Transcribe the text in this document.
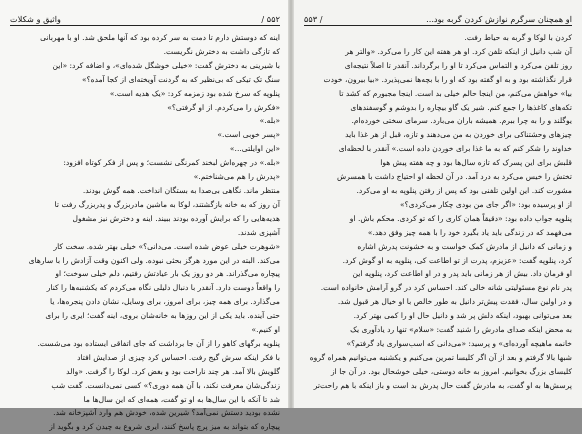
۵۵۲ /
واثیق و شکلات

اینه که دوستش دارم تا دمت به سر کرده بود که آنها ملحق شد. او با مهربانی

که تازگی داشت به دخترش نگریست.

با شیرینی به دخترش گفت: «خیلی خوشگل شده‌ای»، و اضافه کرد: «این

سنگ تک تیکی که بی‌نظیر که به گردنت آویخته‌ای از کجا آمده؟»

پنلوپه که سرخ شده بود زمزمه کرد: «یک هدیه است.»

«فکرش را می‌کردم. از او گرفتی؟»

«بله.»

«پسر خوبی است.»

«این اوایلتی...»

«بله.» در چهره‌اش لبخند کمرنگی نشست؛ و پس از فکر کوتاه افزود:

«پدرش را هم می‌شناختم.»

منتظر ماند. نگاهی بی‌صدا به بستگان انداخت. همه گوش بودند.

آن روز که به خانه بازگشتند، لوکا به ماشین مادربزرگ و پدربزرگ رفت تا

هدیه‌هایی را که برایش آورده بودند ببیند. اینه و دخترش نیز مشغول

آشپزی شدند.

«شوهرت خیلی عوض شده است. می‌دانی؟» خیلی بهتر شده. سخت کار

می‌کند. البته در این مورد هرگز بحثی نبوده. ولی اکنون وقت آزادش را با سارهای

پیچاره می‌گذراند. هر دو روز یک بار عیادتش رفتیم، دلم خیلی سوخت؛ او

را واقعاً دوست دارد. آنقدر با دنبال دلیلی نگاه می‌کردم که یکشنبه‌ها را کنار

می‌گذارد. برای همه چیز، برای امروز، برای وسایل، نشان دادن پنجره‌ها، یا

حتی آینده. باید یکی از این روزها به خانه‌شان بروی، اینه گفت؛ ایری را برای

او کنیم.»

پنلوپه برگهای کاهو را از آن جا برداشت که جای اتفاقی ایستاده بود می‌شست.

با فکر اینکه سرش گیج رفت. احساس کرد چیزی از صدایش افتاد

گلویش بالا آمد. هر چند ناراحت بود و بغض کرد. لوکا را گرفت. «والد

زندگی‌شان معرفت نکند، با آن همه دوری؟» کسی نمی‌دانست. گفت شب

شد تا آنکه با این سال‌ها به او تو گفت، همه‌ای که این سال‌ها ما

نشده بودید دستش نمی‌آمد؟ شیرین شده، خودش هم وارد آشپزخانه شد.

پیچاره که بتواند به میز پرچ پاسخ کنند، ایری شروع به چیدن کرد و بگوید از

او همچنان سرگرم نوازش کردن گربه بود...
/ ۵۵۳

کردن با لوکا و گربه به حیاط رفت.

آن شب دانیل از اینکه تلفن کرد. او هر هفته این کار را می‌کرد. «والتر هر

روز تلفن می‌کرد و التماس می‌کرد تا او را برگرداند. آنقدر تا اصلاً نتیجه‌ای

قرار نگذاشته بود و به او گفته بود که او را با بچه‌ها نمی‌پذیرد. «بیا بیرون، خودت

بیا» خواهش می‌کنم، من اینجا حالم خیلی بد است. اینجا مجبورم که کشد تا

تکه‌های کاغذها را جمع کنم. شیر یک گاو بیچاره را بدوشم و گوسفندهای

یوگلند و را به چرا ببرم. همیشه باران می‌بارد. سرمای سختی خورده‌ام.

چیزهای وحشتناکی برای خوردن به من می‌دهند و تازه، قبل از هر غذا باید

خداوند را شکر کنم که به ما غذا برای خوردن داده است.» آنقدر با لحظه‌ای

قلبش برای این پسرک که تازه سال‌ها بود و چه هفته پیش هوا

تختش را خیس می‌کرد به درد آمد. در آن لحظه او احتیاج داشت با همسرش

مشورت کند. این اولین تلفنی بود که پس از رفتن پنلوپه به او می‌کرد.

از او پرسیده بود: «اگر جای من بودی چکار می‌کردی؟»

پنلوپه جواب داده بود: «دقیقاً همان کاری را که تو کردی. محکم باش. او

می‌فهمد که در زندگی باید یاد بگیرد خود را با همه چیز وفق دهد.»

و زمانی که دانیل از مادرش کمک خواست و به خشونت پدرش اشاره

کرد، پنلوپه گفت: «عزیزم، پدرت از تو اطاعت کی، پنلوپه به او گوش کرد.

او فرمان داد. بیش از هر زمانی باید پدر و در او اطاعت کرد، پنلوپه این

پدر نام نوع مسئولیتی شانه خالی کند. احساس کرد در گرو آرامش خانواده است.

و در اولین سال، فقدت پیش‌تر دانیل به طور خالص با او خیال هر قبول شد.

بعد می‌توانی بهبود، اینکه دلش پر شد و دانیل حال او را کمی بهتر کرد.

به محض اینکه صدای مادرش را شنید گفت: «سلام» تنها رد یادآوری یک

خانمه ماهیچه آورده‌ای» و پرسید: «می‌دانی که اسب‌سواری یاد گرفتم؟»

شبها بالا گرفتم و بعد از آن اگر کلیسا تمرین می‌کنیم و یکشنبه می‌توانیم همراه گروه

کلیسای بزرگ بخوانیم. امروز به خانه دوستی، خیلی خوشحال بود. در آن جا از

پرسش‌ها به او گفت، به مادرش گفت حال پدرش بد است و باز اینکه با هم راحت‌تر
